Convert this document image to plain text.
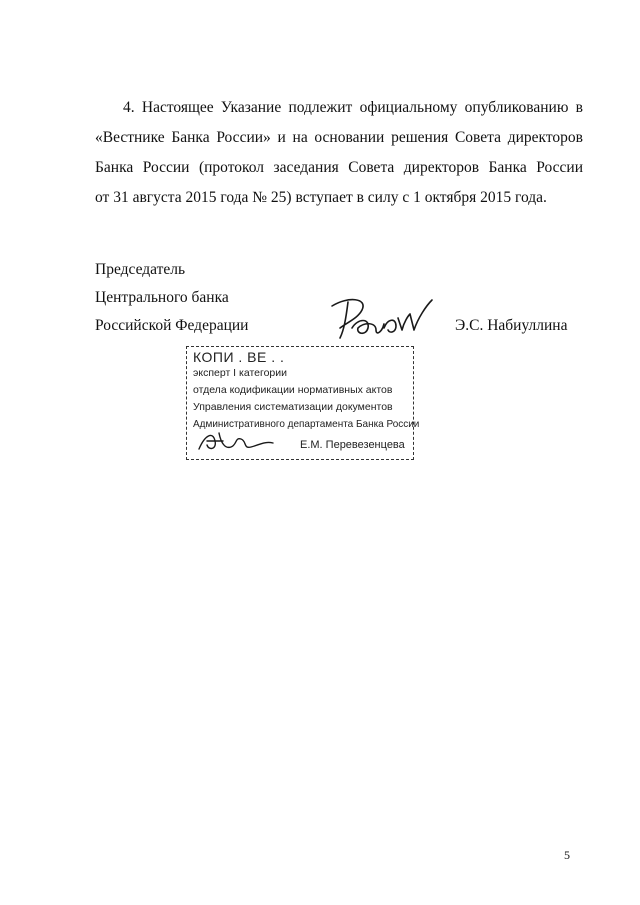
4. Настоящее Указание подлежит официальному опубликованию в
«Вестнике Банка России» и на основании решения Совета директоров
Банка России (протокол заседания Совета директоров Банка России
от 31 августа 2015 года № 25) вступает в силу с 1 октября 2015 года.
Председатель
Центрального банка
Российской Федерации	Э.С. Набиуллина
КОПИ . ВЕ . .
эксперт I категории
отдела кодификации нормативных актов
Управления систематизации документов
Административного департамента Банка России
Е.М. Перевезенцева
5
